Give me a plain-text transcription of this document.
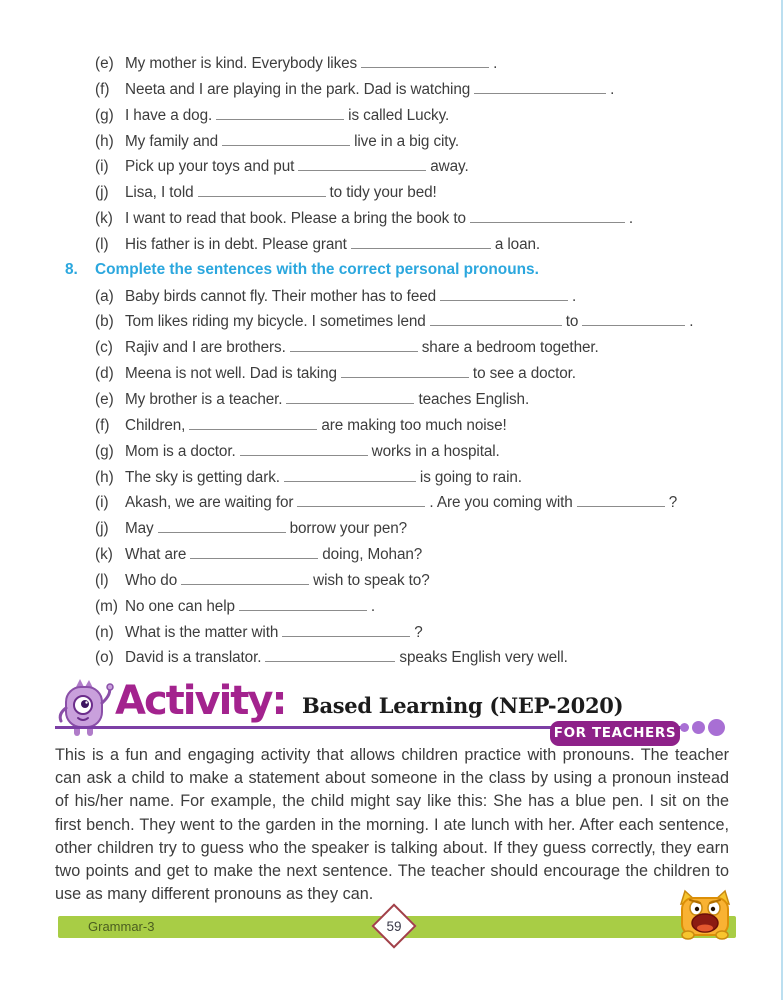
(e) My mother is kind. Everybody likes	.
(f) Neeta and I are playing in the park. Dad is watching	.
(g) I have a dog.	is called Lucky.
(h) My family and	live in a big city.
(i) Pick up your toys and put	away.
(j) Lisa, I told	to tidy your bed!
(k) I want to read that book. Please a bring the book to	.
(l) His father is in debt. Please grant	a loan.
8. Complete the sentences with the correct personal pronouns.
(a) Baby birds cannot fly. Their mother has to feed	.
(b) Tom likes riding my bicycle. I sometimes lend	to	.
(c) Rajiv and I are brothers.	share a bedroom together.
(d) Meena is not well. Dad is taking	to see a doctor.
(e) My brother is a teacher.	teaches English.
(f) Children,	are making too much noise!
(g) Mom is a doctor.	works in a hospital.
(h) The sky is getting dark.	is going to rain.
(i) Akash, we are waiting for	. Are you coming with	?
(j) May	borrow your pen?
(k) What are	doing, Mohan?
(l) Who do	wish to speak to?
(m) No one can help	.
(n) What is the matter with	?
(o) David is a translator.	speaks English very well.
Activity: Based Learning (NEP-2020)
FOR TEACHERS

This is a fun and engaging activity that allows children practice with pronouns. The teacher can ask a child to make a statement about someone in the class by using a pronoun instead of his/her name. For example, the child might say like this: She has a blue pen. I sit on the first bench. They went to the garden in the morning. I ate lunch with her. After each sentence, other children try to guess who the speaker is talking about. If they guess correctly, they earn two points and get to make the next sentence. The teacher should encourage the children to use as many different pronouns as they can.

Grammar-3	59
